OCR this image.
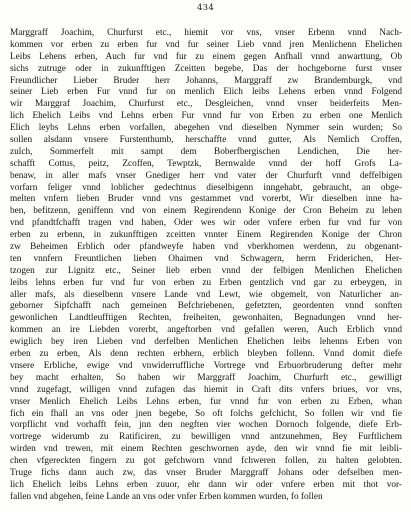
434
Marggraff Joachim, Churfurst etc., hiemit vor vns, vnser Erbenn vnnd Nach-
kommen vor erben zu erben fur vnd fur seiner Lieb vnnd jren Menlichenn Ehelichen
Leibs Lehens erben, Auch fur vnd fur zu einem gegen Anfhall vnnd anwarttung, Ob
sichs zutruge oder in zukunfftigen Zceitten begebe, Das der hochgeborne furst vnser
Freundlicher Lieber Bruder herr Johanns, Marggraff zw Brandemburgk, vnd
seiner Lieb erben Fur vnnd fur on menlich Elich leibs Lehens erben vnnd Folgend
wir Marggraf Joachim, Churfurst etc., Desgleichen, vnnd vnser beiderfeits Men-
lich Ehelich Leibs vnd Lehns erben Fur vnnd fur von Erben zu erben one Menlich
Elich leybs Lehns erben vorfallen, abegehen vnd dieselben Nymmer sein wurden; So
sollen alsdann vnsere Furstenthumb, herschaffte vnnd gutter, Als Nemlich Croffen,
zulch, Sommerfelt mit sampt dem Boberfbergischen Lendichen, Die her-
schafft Cottus, peitz, Zcoffen, Tewptzk, Bernwalde vnnd der hoff Grofs La-
benaw, in aller mafs vnser Gnediger herr vnd vater der Churfurft vnnd deffelbigen
vorfarn feliger vnnd loblicher gedechtnus dieselbigenn inngehabt, gebraucht, an obge-
melten vnfern lieben Bruder vnnd vns gestammet vnd vorerbt, Wir dieselben inne ha-
ben, befitzenn, geniffenn vnd von einem Regirendenn Konige der Cron Beheim zu lehen
vnd pfandtfchafft tragen vnd haben, Oder wes wir oder vnfere erben fur vnd fur von
erben zu erbenn, in zukunfftigen zceitten vnnter Einem Regirenden Konige der Chron
zw Beheimen Erblich oder pfandweyfe haben vnd vberkhomen werdenn, zu obgenant-
ten vnnfern Freuntlichen lieben Ohaimen vnd Schwagern, herrn Friderichen, Her-
tzogen zur Lignitz etc., Seiner lieb erben vnnd der felbigen Menlichen Ehelichen
leibs lehns erben fur vnd fur von erben zu Erben gentzlich vnd gar zu erbeygen, in
aller mafs, als dieselbenn vnsere Lande vnd Lewt, wie obgemelt, von Naturlicher an-
geborner Sipfchafft nach gemeinen Befchriebenen, gefetzten, geordenten vnnd sonften
gewonlichen Landtleufftigen Rechten, freiheiten, gewonhaiten, Begnadungen vnnd her-
kommen an ire Liebden vorerbt, angeftorben vnd gefallen weren, Auch Erblich vnnd
ewiglich bey iren Lieben vnd derfelben Menlichen Ehelichen leibs lehenns Erben von
erben zu erben, Als denn rechten erbhern, erblich bleyben follenn. Vnnd domit diefe
vnsere Erbliche, ewige vnd vnwiderruffliche Vortrege vnd Erbuorbruderung defter mehr
bey macht erhalten, So haben wir Marggraff Joachim, Churfurft etc., gewilligt
vnnd zugefagt, willigen vnnd zufagen das hiemit in Craft dits vnfers briues, vor vns,
vnser Menlich Ehelich Leibs Lehns erben, fur vnnd fur von erben zu Erben, whan
fich ein fhall an vns oder jnen begebe, So oft folchs gefchicht, So follen wir vnd fie
vorpflicht vnd vorhafft fein, jnn den negften vier wochen Dornoch folgende, diefe Erb-
vortrege widerumb zu Ratificiren, zu bewilligen vnnd antzunehmen, Bey Furftlichem
wirden vnd trewen, mit einem Rechten geschwornen ayde, den wir vnnd fie mit leibli-
chen vfgereckten fingern zu got gefchworn vnnd fchweren follen, zu halten gelobten.
Truge fichs dann auch zw, das vnser Bruder Marggraff Johans oder defselben men-
lich Ehelich leibs Lehns erben zuuor, ehr dann wir oder vnfere erben mit thot vor-
fallen vnd abgehen, feine Lande an vns oder vnfer Erben kommen wurden, fo follen
